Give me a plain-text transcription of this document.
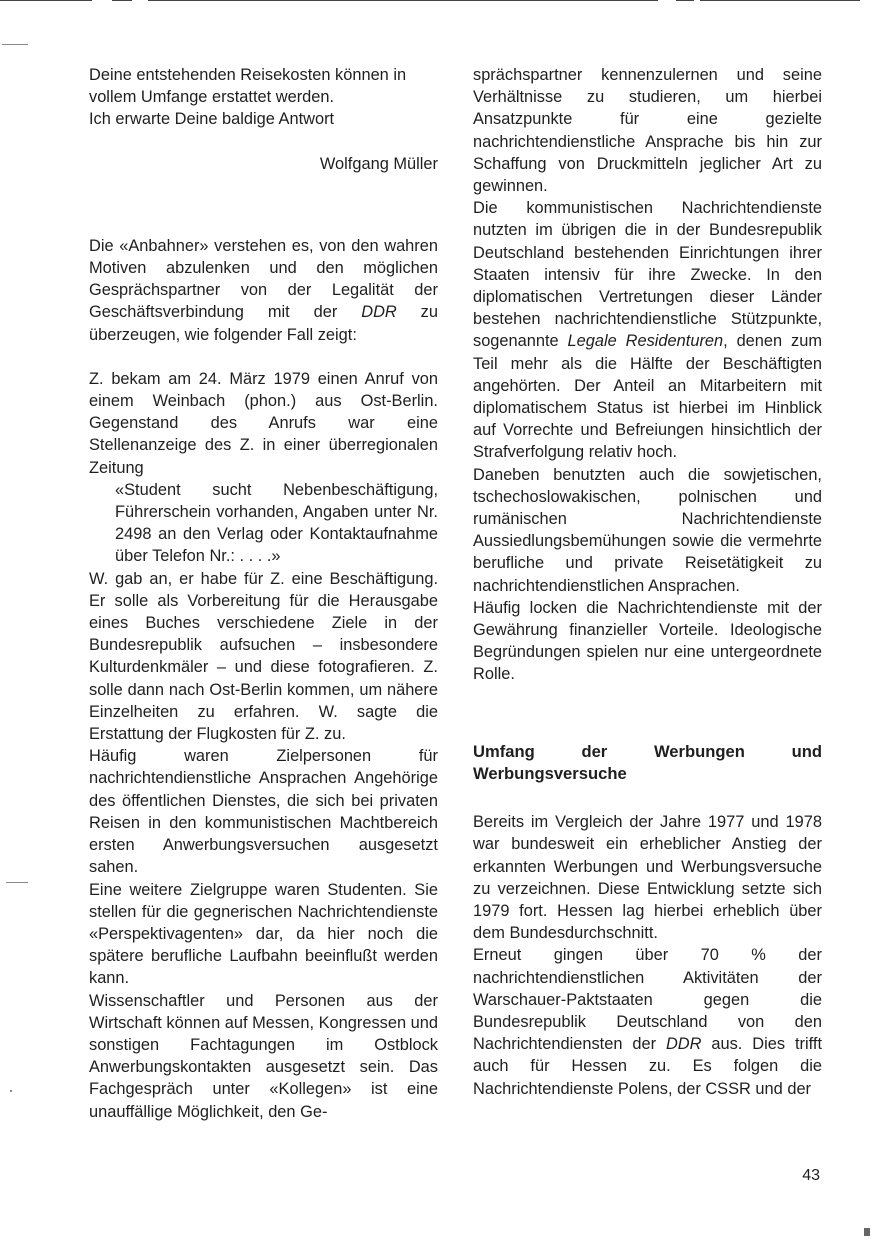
Deine entstehenden Reisekosten können in vollem Umfange erstattet werden.

Ich erwarte Deine baldige Antwort

Wolfgang Müller

Die «Anbahner» verstehen es, von den wahren Motiven abzulenken und den möglichen Gesprächspartner von der Legalität der Geschäftsverbindung mit der DDR zu überzeugen, wie folgender Fall zeigt:

Z. bekam am 24. März 1979 einen Anruf von einem Weinbach (phon.) aus Ost-Berlin. Gegenstand des Anrufs war eine Stellenanzeige des Z. in einer überregionalen Zeitung

«Student sucht Nebenbeschäftigung, Führerschein vorhanden, Angaben unter Nr. 2498 an den Verlag oder Kontaktaufnahme über Telefon Nr.: . . . .»

W. gab an, er habe für Z. eine Beschäftigung. Er solle als Vorbereitung für die Herausgabe eines Buches verschiedene Ziele in der Bundesrepublik aufsuchen – insbesondere Kulturdenkmäler – und diese fotografieren. Z. solle dann nach Ost-Berlin kommen, um nähere Einzelheiten zu erfahren. W. sagte die Erstattung der Flugkosten für Z. zu.

Häufig waren Zielpersonen für nachrichtendienstliche Ansprachen Angehörige des öffentlichen Dienstes, die sich bei privaten Reisen in den kommunistischen Machtbereich ersten Anwerbungsversuchen ausgesetzt sahen.

Eine weitere Zielgruppe waren Studenten. Sie stellen für die gegnerischen Nachrichtendienste «Perspektivagenten» dar, da hier noch die spätere berufliche Laufbahn beeinflußt werden kann.

Wissenschaftler und Personen aus der Wirtschaft können auf Messen, Kongressen und sonstigen Fachtagungen im Ostblock Anwerbungskontakten ausgesetzt sein. Das Fachgespräch unter «Kollegen» ist eine unauffällige Möglichkeit, den Ge-

sprächspartner kennenzulernen und seine Verhältnisse zu studieren, um hierbei Ansatzpunkte für eine gezielte nachrichtendienstliche Ansprache bis hin zur Schaffung von Druckmitteln jeglicher Art zu gewinnen.

Die kommunistischen Nachrichtendienste nutzten im übrigen die in der Bundesrepublik Deutschland bestehenden Einrichtungen ihrer Staaten intensiv für ihre Zwecke. In den diplomatischen Vertretungen dieser Länder bestehen nachrichtendienstliche Stützpunkte, sogenannte Legale Residenturen, denen zum Teil mehr als die Hälfte der Beschäftigten angehörten. Der Anteil an Mitarbeitern mit diplomatischem Status ist hierbei im Hinblick auf Vorrechte und Befreiungen hinsichtlich der Strafverfolgung relativ hoch.

Daneben benutzten auch die sowjetischen, tschechoslowakischen, polnischen und rumänischen Nachrichtendienste Aussiedlungsbemühungen sowie die vermehrte berufliche und private Reisetätigkeit zu nachrichtendienstlichen Ansprachen.

Häufig locken die Nachrichtendienste mit der Gewährung finanzieller Vorteile. Ideologische Begründungen spielen nur eine untergeordnete Rolle.

Umfang der Werbungen und Werbungsversuche

Bereits im Vergleich der Jahre 1977 und 1978 war bundesweit ein erheblicher Anstieg der erkannten Werbungen und Werbungsversuche zu verzeichnen. Diese Entwicklung setzte sich 1979 fort. Hessen lag hierbei erheblich über dem Bundesdurchschnitt.

Erneut gingen über 70 % der nachrichtendienstlichen Aktivitäten der Warschauer-Paktstaaten gegen die Bundesrepublik Deutschland von den Nachrichtendiensten der DDR aus. Dies trifft auch für Hessen zu. Es folgen die Nachrichtendienste Polens, der CSSR und der

43
